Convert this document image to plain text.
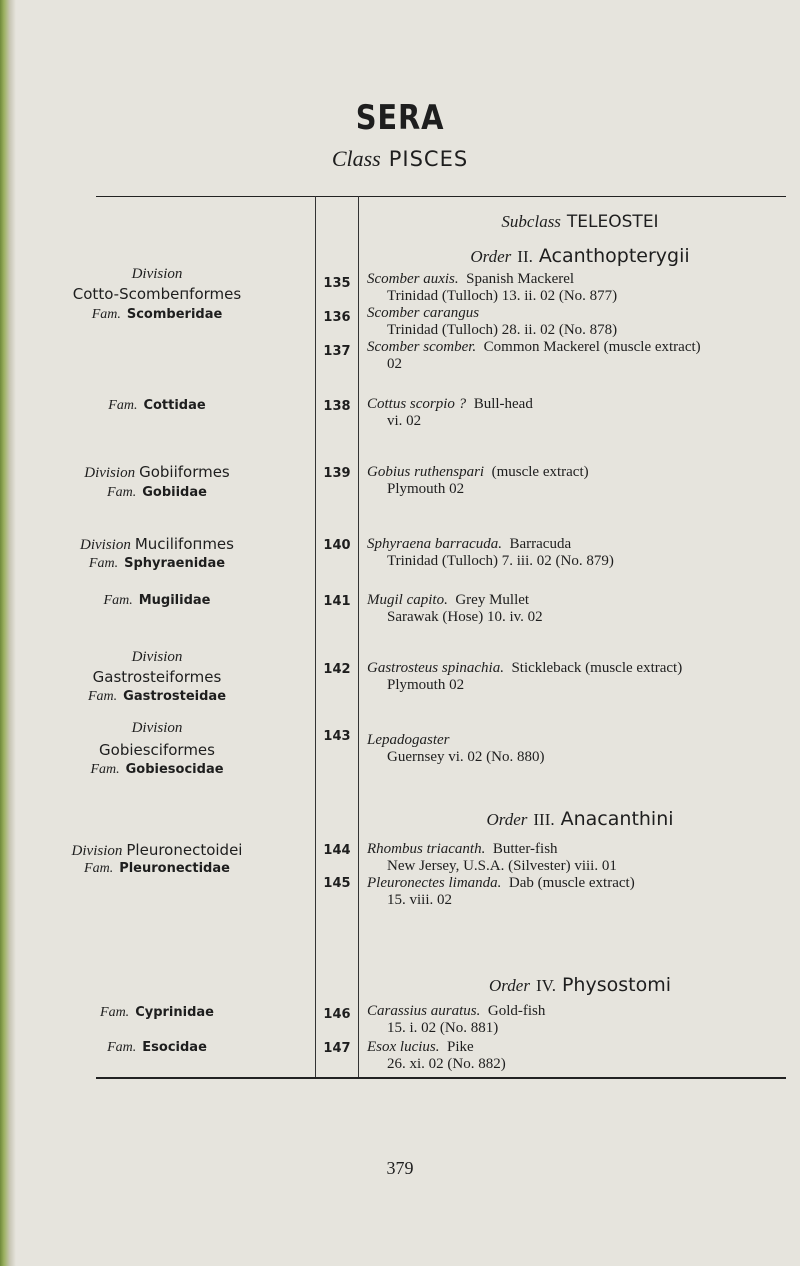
SERA
Class PISCES
Subclass TELEOSTEI
Order II. Acanthopterygii
Division
Cotto-Scombeпformes
Fam. Scomberidae
135	Scomber auxis. Spanish Mackerel
Trinidad (Tulloch) 13. ii. 02 (No. 877)
136	Scomber carangus
Trinidad (Tulloch) 28. ii. 02 (No. 878)
137	Scomber scomber. Common Mackerel (muscle extract)
02
Fam. Cottidae	138	Cottus scorpio ? Bull-head
vi. 02
Division Gobiiformes
Fam. Gobiidae
139	Gobius ruthenspari (muscle extract)
Plymouth 02
Division Mucilifoпmes
Fam. Sphyraenidae
140	Sphyraena barracuda. Barracuda
Trinidad (Tulloch) 7. iii. 02 (No. 879)
Fam. Mugilidae	141	Mugil capito. Grey Mullet
Sarawak (Hose) 10. iv. 02
Division
Gastrosteiformes
Fam. Gastrosteidae
142	Gastrosteus spinachia. Stickleback (muscle extract)
Plymouth 02
Division
Gobiesciformes
Fam. Gobiesocidae
143	Lepadogaster
Guernsey vi. 02 (No. 880)
Order III. Anacanthini
Division Pleuronectoidei
Fam. Pleuronectidae
144	Rhombus triacanth. Butter-fish
New Jersey, U.S.A. (Silvester) viii. 01
145	Pleuronectes limanda. Dab (muscle extract)
15. viii. 02
Order IV. Physostomi
Fam. Cyprinidae	146	Carassius auratus. Gold-fish
15. i. 02 (No. 881)
Fam. Esocidae	147	Esox lucius. Pike
26. xi. 02 (No. 882)
379
